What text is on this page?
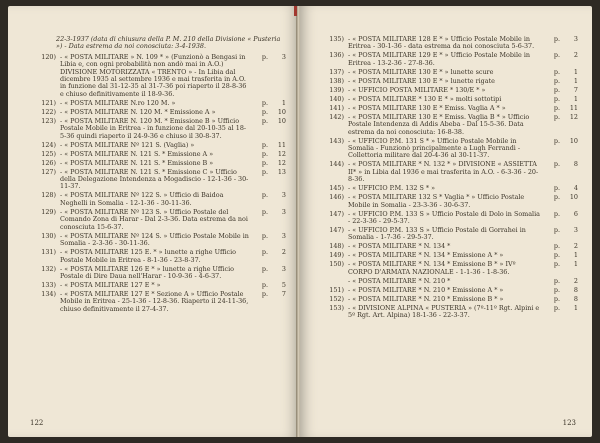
22-3-1937 (data di chiusura della P. M. 210 della Divisione « Pusteria ») - Data estrema da noi conosciuta: 3-4-1938.
120) - « POSTA MILITARE » N. 109 * » (Funzionò a Bengasi in Libia e, con ogni probabilità non andò mai in A.O.) DIVISIONE MOTORIZZATA « TRENTO » - In Libia dal dicembre 1935 al settembre 1936 e mai trasferita in A.O. in funzione dal 31-12-35 al 31-7-36 poi riaperto il 28-8-36 e chiuso definitivamente il 18-9-36.
p.	3
121) - « POSTA MILITARE N.ro 120 M. »	p.	1
122) - « POSTA MILITARE N. 120 M. * Emissione A »	p.	10
123) - « POSTA MILITARE N. 120 M. * Emissione B » Ufficio Postale Mobile in Eritrea - in funzione dal 20-10-35 al 18-5-36 quindi riaperto il 24-9-36 e chiuso il 30-8-37.
p.	10
124) - « POSTA MILITARE Nº 121 S. (Vaglia) »	p.	11
125) - « POSTA MILITARE N. 121 S. * Emissione A »	p.	12
126) - « POSTA MILITARE N. 121 S. * Emissione B »	p.	12
127) - « POSTA MILITARE N. 121 S. * Emissione C » Ufficio della Delegazione Intendenza a Mogadiscio - 12-1-36 - 30-11-37.
p.	13
128) - « POSTA MILITARE Nº 122 S. » Ufficio di Baidoa Neghelli in Somalia - 12-1-36 - 30-11-36.
p.	3
129) - « POSTA MILITARE Nº 123 S. » Ufficio Postale del Comando Zona di Harar - Dal 2-3-36. Data estrema da noi conosciuta 15-6-37.
p.	3
130) - « POSTA MILITARE Nº 124 S. » Ufficio Postale Mobile in Somalia - 2-3-36 - 30-11-36.
p.	3
131) - « POSTA MILITARE 125 E. * » lunette a righe Ufficio Postale Mobile in Eritrea - 8-1-36 - 23-8-37.
p.	2
132) - « POSTA MILITARE 126 E * » lunette a righe Ufficio Postale di Dire Daua nell'Harar - 10-9-36 - 4-6-37.
p.	3
133) - « POSTA MILITARE 127 E * »	p.	5
134) - « POSTA MILITARE 127 E * Sezione A » Ufficio Postale Mobile in Eritrea - 25-1-36 - 12-8-36. Riaperto il 24-11-36, chiuso definitivamente il 27-4-37.
p.	7
122
135) - « POSTA MILITARE 128 E * » Ufficio Postale Mobile in Eritrea - 30-1-36 - data estrema da noi conosciuta 5-6-37.
p.	3
136) - « POSTA MILITARE 129 E * » Ufficio Postale Mobile in Eritrea - 13-2-36 - 27-8-36.
p.	2
137) - « POSTA MILITARE 130 E * » lunette scure	p.	1
138) - « POSTA MILITARE 130 E * » lunette rigate	p.	1
139) - « UFFICIO POSTA MILITARE * 130/E * »	p.	7
140) - « POSTA MILITARE * 130 E * » molti sottotipi	p.	1
141) - « POSTA MILITARE 130 E * Emiss. Vaglia A * »	p.	11
142) - « POSTA MILITARE 130 E * Emiss. Vaglia B * » Ufficio Postale Intendenza di Addis Abeba - Dal 15-5-36. Data estrema da noi conosciuta: 16-8-38.
p.	12
143) - « UFFICIO P.M. 131 S * » Ufficio Postale Mobile in Somalia - Funzionò principalmente a Lugh Ferrandi - Collettoria militare dal 20-4-36 al 30-11-37.
p.	10
144) - « POSTA MILITARE * N. 132 * » DIVISIONE « ASSIETTA II* » in Libia dal 1936 e mai trasferita in A.O. - 6-3-36 - 20-8-36.
p.	8
145) - « UFFICIO P.M. 132 S * »	p.	4
146) - « POSTA MILITARE 132 S * Vaglia * » Ufficio Postale Mobile in Somalia - 23-3-36 - 30-6-37.
p.	10
147) - « UFFICIO P.M. 133 S » Ufficio Postale di Dolo in Somalia - 22-3-36 - 29-5-37.
p.	6
147) - « UFFICIO P.M. 133 S » Ufficio Postale di Gorrahei in Somalia - 1-7-36 - 29-5-37.
p.	3
148) - « POSTA MILITARE * N. 134 *	p.	2
149) - « POSTA MILITARE * N. 134 * Emissione A * »	p.	1
150) - « POSTA MILITARE * N. 134 * Emissione B * » IVº CORPO D'ARMATA NAZIONALE - 1-1-36 - 1-8-36.
p.	1
- « POSTA MILITARE * N. 210 *	p.	2
151) - « POSTA MILITARE * N. 210 * Emissione A * »	p.	8
152) - « POSTA MILITARE * N. 210 * Emissione B * »	p.	8
153) - « DIVISIONE ALPINA « PUSTERIA » (7º-11º Rgt. Alpini e 5º Rgt. Art. Alpina) 18-1-36 - 22-3-37.
p.	1
123
